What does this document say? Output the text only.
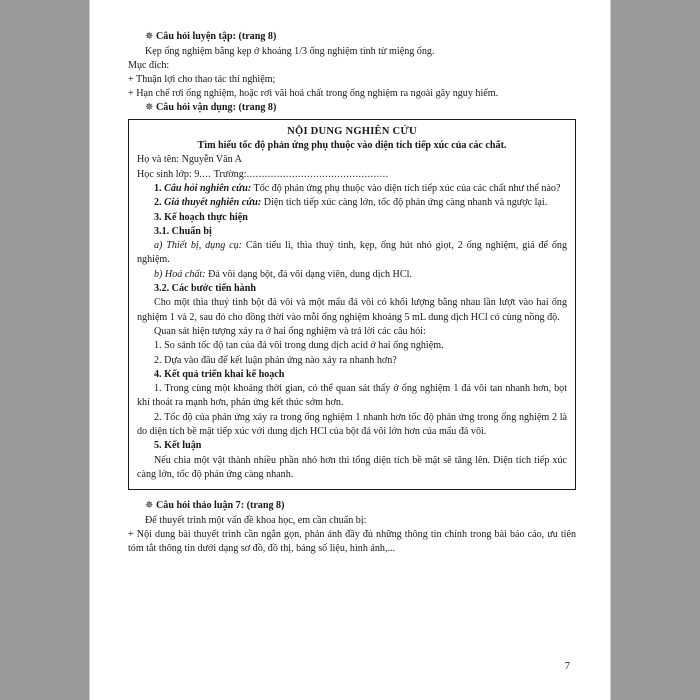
✵ Câu hỏi luyện tập: (trang 8)

Kẹp ống nghiệm bằng kẹp ở khoảng 1/3 ống nghiệm tính từ miệng ống.

Mục đích:

+ Thuận lợi cho thao tác thí nghiệm;

+ Hạn chế rơi ống nghiệm, hoặc rơi vãi hoá chất trong ống nghiệm ra ngoài gây nguy hiểm.

✵ Câu hỏi vận dụng: (trang 8)

NỘI DUNG NGHIÊN CỨU

Tìm hiểu tốc độ phản ứng phụ thuộc vào diện tích tiếp xúc của các chất.

Họ và tên: Nguyễn Văn A

Học sinh lớp: 9.... Trường:...............................................

1. Câu hỏi nghiên cứu: Tốc độ phản ứng phụ thuộc vào diện tích tiếp xúc của các chất như thế nào?

2. Giả thuyết nghiên cứu: Diện tích tiếp xúc càng lớn, tốc độ phản ứng càng nhanh và ngược lại.

3. Kế hoạch thực hiện

3.1. Chuẩn bị

a) Thiết bị, dụng cụ: Cân tiểu li, thìa thuỷ tinh, kẹp, ống hút nhỏ giọt, 2 ống nghiệm, giá để ống nghiệm.

b) Hoá chất: Đá vôi dạng bột, đá vôi dạng viên, dung dịch HCl.

3.2. Các bước tiến hành

Cho một thìa thuỷ tinh bột đá vôi và một mẩu đá vôi có khối lượng bằng nhau lần lượt vào hai ống nghiệm 1 và 2, sau đó cho đồng thời vào mỗi ống nghiệm khoảng 5 mL dung dịch HCl có cùng nồng độ.

Quan sát hiện tượng xảy ra ở hai ống nghiệm và trả lời các câu hỏi:

1. So sánh tốc độ tan của đá vôi trong dung dịch acid ở hai ống nghiệm.

2. Dựa vào đâu để kết luận phản ứng nào xảy ra nhanh hơn?

4. Kết quả triển khai kế hoạch

1. Trong cùng một khoảng thời gian, có thể quan sát thấy ở ống nghiệm 1 đá vôi tan nhanh hơn, bọt khí thoát ra mạnh hơn, phản ứng kết thúc sớm hơn.

2. Tốc độ của phản ứng xảy ra trong ống nghiệm 1 nhanh hơn tốc độ phản ứng trong ống nghiệm 2 là do diện tích bề mặt tiếp xúc với dung dịch HCl của bột đá vôi lớn hơn của mẩu đá vôi.

5. Kết luận

Nếu chia một vật thành nhiều phần nhỏ hơn thì tổng diện tích bề mặt sẽ tăng lên. Diện tích tiếp xúc càng lớn, tốc độ phản ứng càng nhanh.

✵ Câu hỏi thảo luận 7: (trang 8)

Để thuyết trình một vấn đề khoa học, em cần chuẩn bị:

+ Nội dung bài thuyết trình cần ngắn gọn, phản ánh đầy đủ những thông tin chính trong bài báo cáo, ưu tiên tóm tắt thông tin dưới dạng sơ đồ, đồ thị, bảng số liệu, hình ảnh,...

7
